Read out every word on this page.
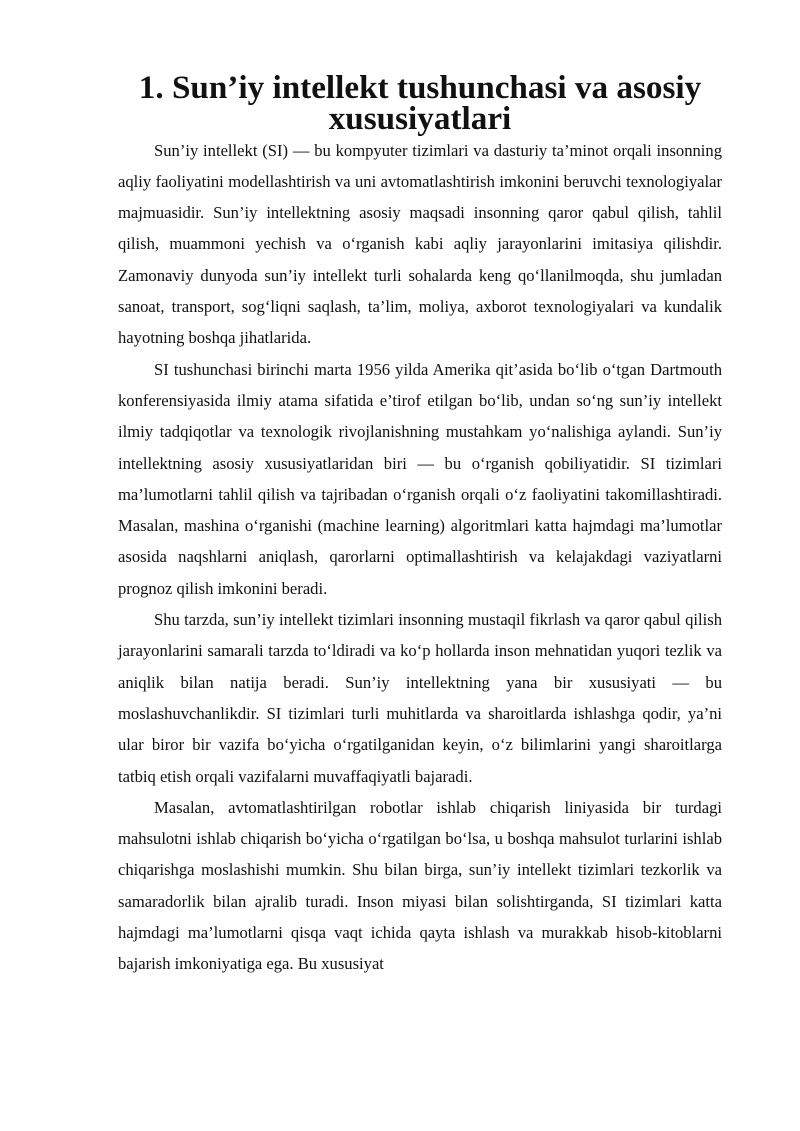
1. Sun’iy intellekt tushunchasi va asosiy xususiyatlari

Sun’iy intellekt (SI) — bu kompyuter tizimlari va dasturiy ta’minot orqali insonning aqliy faoliyatini modellashtirish va uni avtomatlashtirish imkonini beruvchi texnologiyalar majmuasidir. Sun’iy intellektning asosiy maqsadi insonning qaror qabul qilish, tahlil qilish, muammoni yechish va o‘rganish kabi aqliy jarayonlarini imitasiya qilishdir. Zamonaviy dunyoda sun’iy intellekt turli sohalarda keng qo‘llanilmoqda, shu jumladan sanoat, transport, sog‘liqni saqlash, ta’lim, moliya, axborot texnologiyalari va kundalik hayotning boshqa jihatlarida.

SI tushunchasi birinchi marta 1956 yilda Amerika qit’asida bo‘lib o‘tgan Dartmouth konferensiyasida ilmiy atama sifatida e’tirof etilgan bo‘lib, undan so‘ng sun’iy intellekt ilmiy tadqiqotlar va texnologik rivojlanishning mustahkam yo‘nalishiga aylandi. Sun’iy intellektning asosiy xususiyatlaridan biri — bu o‘rganish qobiliyatidir. SI tizimlari ma’lumotlarni tahlil qilish va tajribadan o‘rganish orqali o‘z faoliyatini takomillashtiradi. Masalan, mashina o‘rganishi (machine learning) algoritmlari katta hajmdagi ma’lumotlar asosida naqshlarni aniqlash, qarorlarni optimallashtirish va kelajakdagi vaziyatlarni prognoz qilish imkonini beradi.

Shu tarzda, sun’iy intellekt tizimlari insonning mustaqil fikrlash va qaror qabul qilish jarayonlarini samarali tarzda to‘ldiradi va ko‘p hollarda inson mehnatidan yuqori tezlik va aniqlik bilan natija beradi. Sun’iy intellektning yana bir xususiyati — bu moslashuvchanlikdir. SI tizimlari turli muhitlarda va sharoitlarda ishlashga qodir, ya’ni ular biror bir vazifa bo‘yicha o‘rgatilganidan keyin, o‘z bilimlarini yangi sharoitlarga tatbiq etish orqali vazifalarni muvaffaqiyatli bajaradi.

Masalan, avtomatlashtirilgan robotlar ishlab chiqarish liniyasida bir turdagi mahsulotni ishlab chiqarish bo‘yicha o‘rgatilgan bo‘lsa, u boshqa mahsulot turlarini ishlab chiqarishga moslashishi mumkin. Shu bilan birga, sun’iy intellekt tizimlari tezkorlik va samaradorlik bilan ajralib turadi. Inson miyasi bilan solishtirganda, SI tizimlari katta hajmdagi ma’lumotlarni qisqa vaqt ichida qayta ishlash va murakkab hisob-kitoblarni bajarish imkoniyatiga ega. Bu xususiyat
